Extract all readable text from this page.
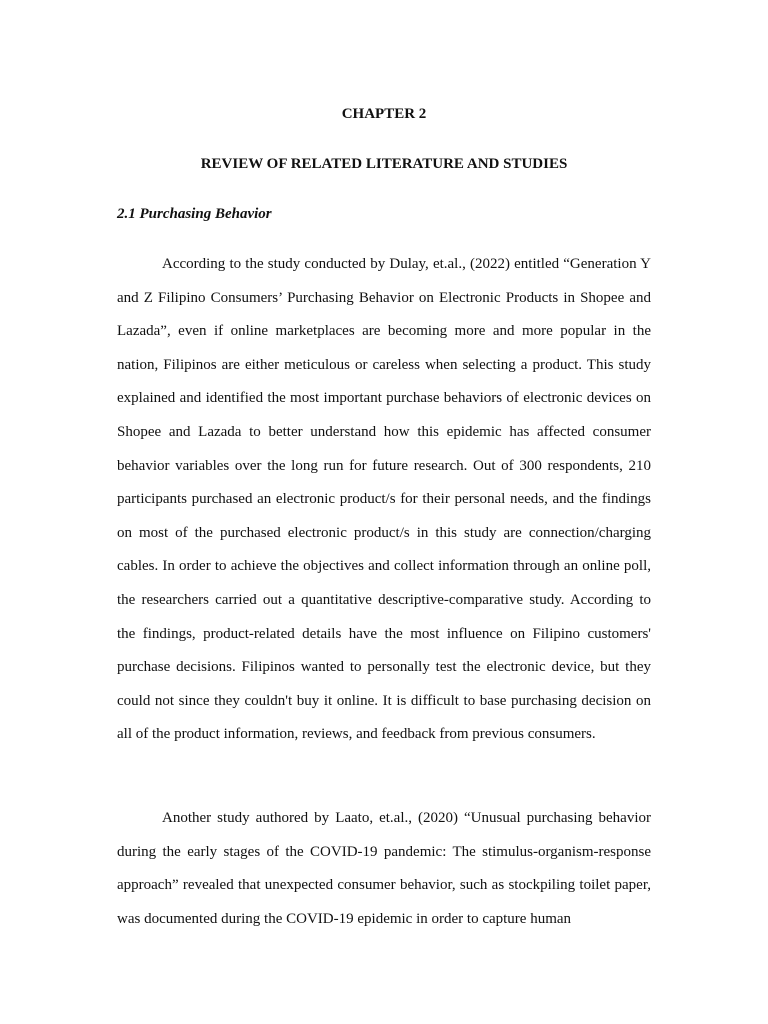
CHAPTER 2
REVIEW OF RELATED LITERATURE AND STUDIES
2.1 Purchasing Behavior

According to the study conducted by Dulay, et.al., (2022) entitled “Generation Y and Z Filipino Consumers’ Purchasing Behavior on Electronic Products in Shopee and Lazada”, even if online marketplaces are becoming more and more popular in the nation, Filipinos are either meticulous or careless when selecting a product. This study explained and identified the most important purchase behaviors of electronic devices on Shopee and Lazada to better understand how this epidemic has affected consumer behavior variables over the long run for future research. Out of 300 respondents, 210 participants purchased an electronic product/s for their personal needs, and the findings on most of the purchased electronic product/s in this study are connection/charging cables. In order to achieve the objectives and collect information through an online poll, the researchers carried out a quantitative descriptive-comparative study. According to the findings, product-related details have the most influence on Filipino customers' purchase decisions. Filipinos wanted to personally test the electronic device, but they could not since they couldn't buy it online. It is difficult to base purchasing decision on all of the product information, reviews, and feedback from previous consumers.

Another study authored by Laato, et.al., (2020) “Unusual purchasing behavior during the early stages of the COVID-19 pandemic: The stimulus-organism-response approach” revealed that unexpected consumer behavior, such as stockpiling toilet paper, was documented during the COVID-19 epidemic in order to capture human
